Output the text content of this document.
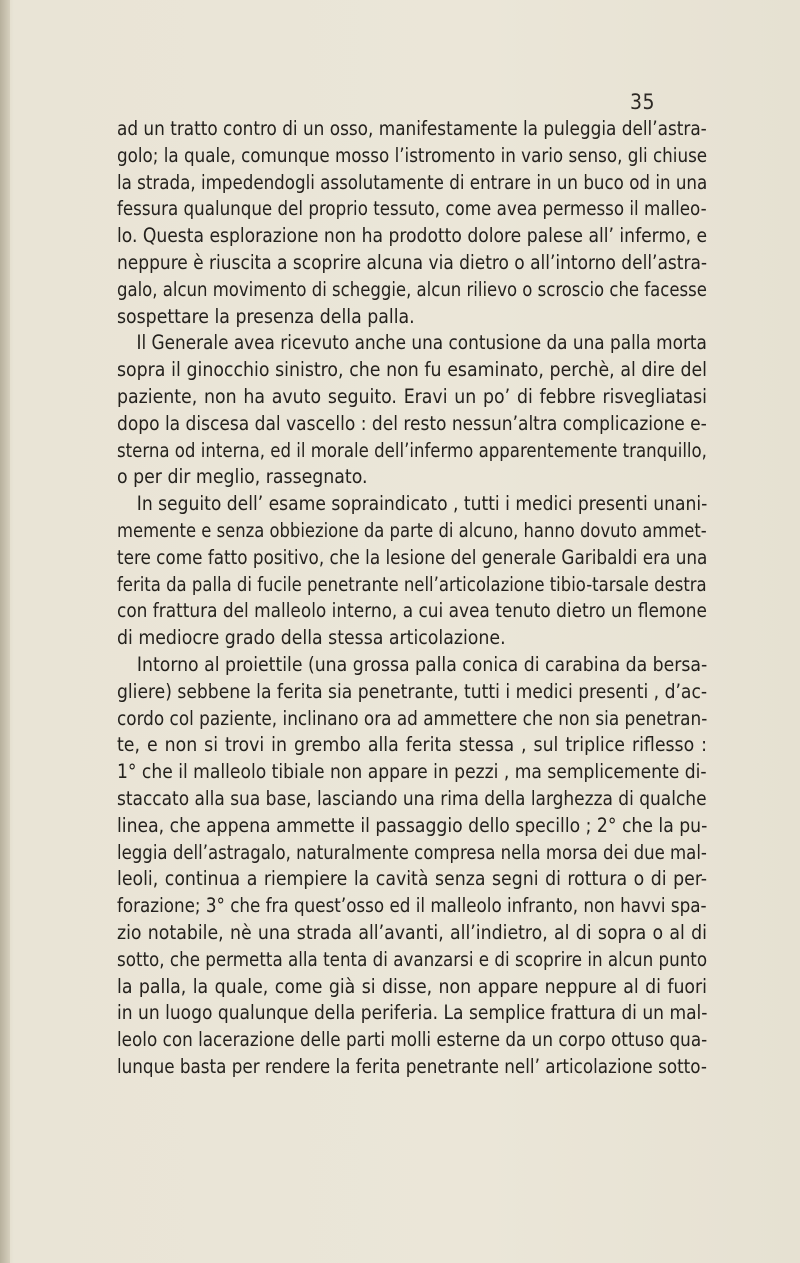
35
ad un tratto contro di un osso, manifestamente la puleggia dell’astra-
golo; la quale, comunque mosso l’istromento in vario senso, gli chiuse
la strada, impedendogli assolutamente di entrare in un buco od in una
fessura qualunque del proprio tessuto, come avea permesso il malleo-
lo. Questa esplorazione non ha prodotto dolore palese all’ infermo, e
neppure è riuscita a scoprire alcuna via dietro o all’intorno dell’astra-
galo, alcun movimento di scheggie, alcun rilievo o scroscio che facesse
sospettare la presenza della palla.
Il Generale avea ricevuto anche una contusione da una palla morta
sopra il ginocchio sinistro, che non fu esaminato, perchè, al dire del
paziente, non ha avuto seguito. Eravi un po’ di febbre risvegliatasi
dopo la discesa dal vascello : del resto nessun’altra complicazione e-
sterna od interna, ed il morale dell’infermo apparentemente tranquillo,
o per dir meglio, rassegnato.
In seguito dell’ esame sopraindicato , tutti i medici presenti unani-
memente e senza obbiezione da parte di alcuno, hanno dovuto ammet-
tere come fatto positivo, che la lesione del generale Garibaldi era una
ferita da palla di fucile penetrante nell’articolazione tibio-tarsale destra
con frattura del malleolo interno, a cui avea tenuto dietro un flemone
di mediocre grado della stessa articolazione.
Intorno al proiettile (una grossa palla conica di carabina da bersa-
gliere) sebbene la ferita sia penetrante, tutti i medici presenti , d’ac-
cordo col paziente, inclinano ora ad ammettere che non sia penetran-
te, e non si trovi in grembo alla ferita stessa , sul triplice riflesso :
1° che il malleolo tibiale non appare in pezzi , ma semplicemente di-
staccato alla sua base, lasciando una rima della larghezza di qualche
linea, che appena ammette il passaggio dello specillo ; 2° che la pu-
leggia dell’astragalo, naturalmente compresa nella morsa dei due mal-
leoli, continua a riempiere la cavità senza segni di rottura o di per-
forazione; 3° che fra quest’osso ed il malleolo infranto, non havvi spa-
zio notabile, nè una strada all’avanti, all’indietro, al di sopra o al di
sotto, che permetta alla tenta di avanzarsi e di scoprire in alcun punto
la palla, la quale, come già si disse, non appare neppure al di fuori
in un luogo qualunque della periferia. La semplice frattura di un mal-
leolo con lacerazione delle parti molli esterne da un corpo ottuso qua-
lunque basta per rendere la ferita penetrante nell’ articolazione sotto-
